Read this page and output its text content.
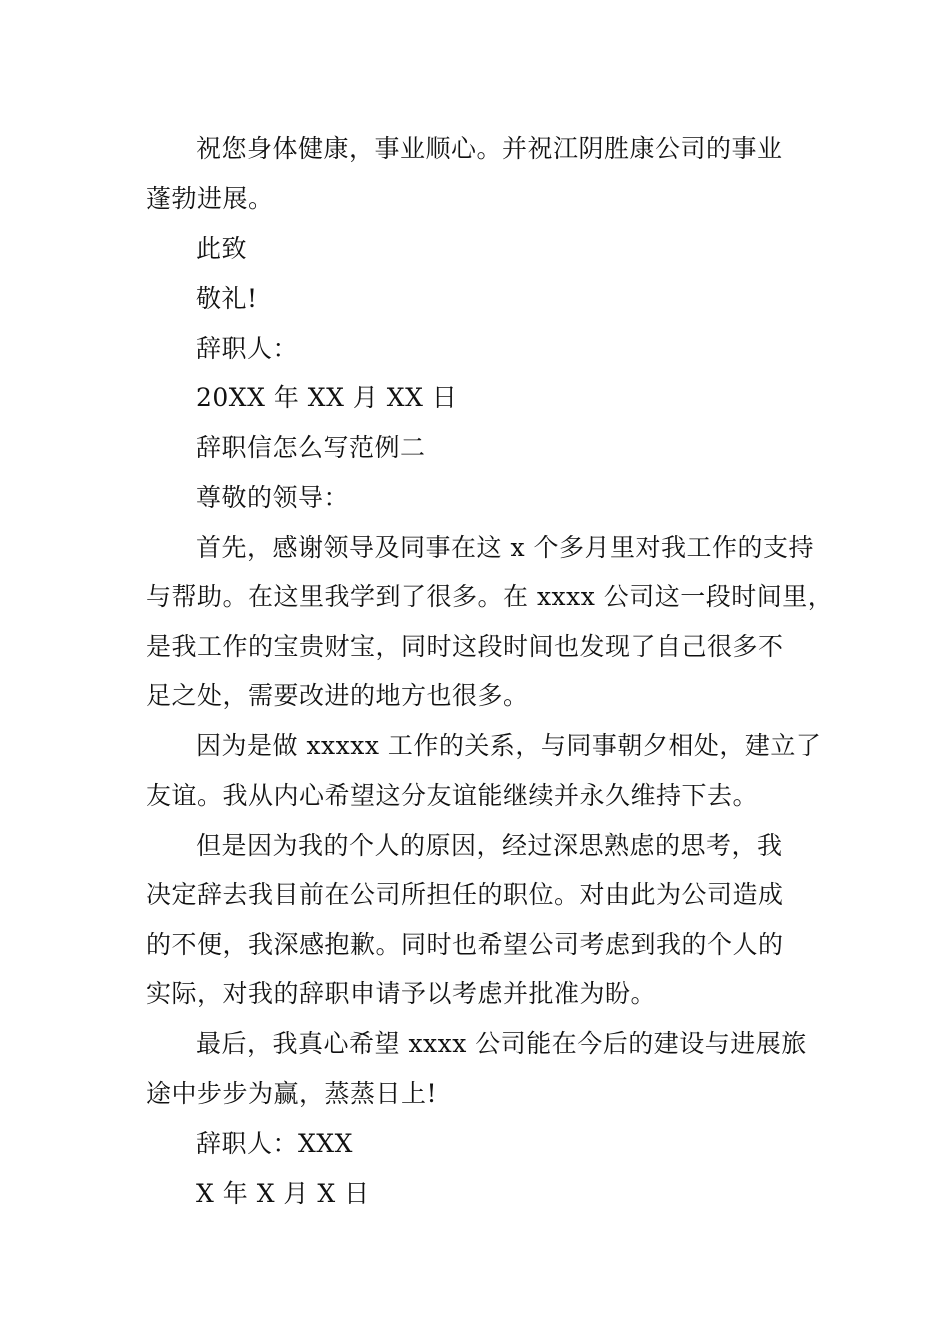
祝您身体健康，事业顺心。并祝江阴胜康公司的事业
蓬勃进展。
此致
敬礼!
辞职人：
20XX 年 XX 月 XX 日
辞职信怎么写范例二
尊敬的领导：
首先，感谢领导及同事在这 x 个多月里对我工作的支持
与帮助。在这里我学到了很多。在 xxxx 公司这一段时间里，
是我工作的宝贵财宝，同时这段时间也发现了自己很多不
足之处，需要改进的地方也很多。
因为是做 xxxxx 工作的关系，与同事朝夕相处，建立了
友谊。我从内心希望这分友谊能继续并永久维持下去。
但是因为我的个人的原因，经过深思熟虑的思考，我
决定辞去我目前在公司所担任的职位。对由此为公司造成
的不便，我深感抱歉。同时也希望公司考虑到我的个人的
实际，对我的辞职申请予以考虑并批准为盼。
最后，我真心希望 xxxx 公司能在今后的建设与进展旅
途中步步为赢，蒸蒸日上!
辞职人：XXX
X 年 X 月 X 日
